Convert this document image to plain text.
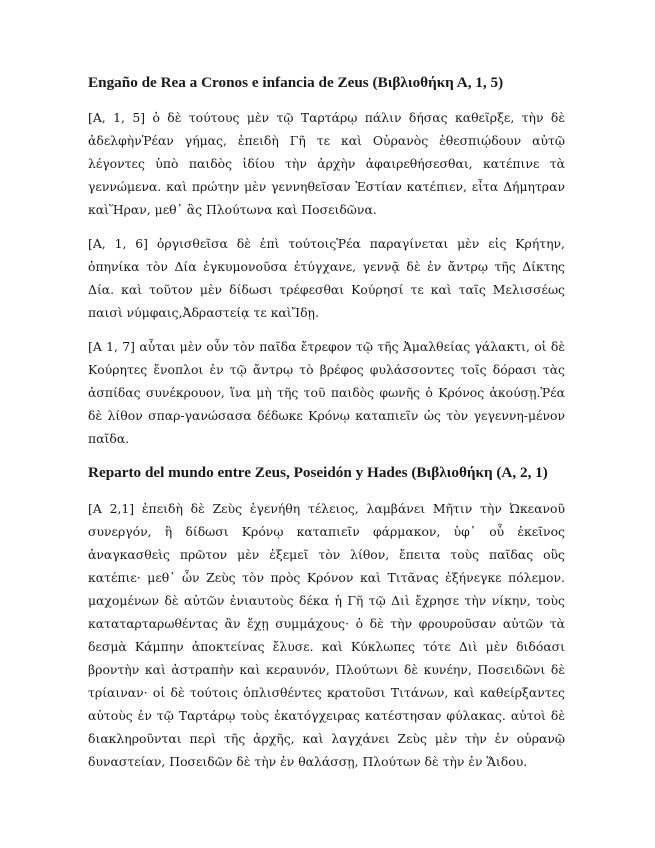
Engaño de Rea a Cronos e infancia de Zeus (Βιβλιοθήκη Α, 1, 5)

[A, 1, 5] ὁ δὲ τούτους μὲν τῷ Ταρτάρῳ πάλιν δήσας καθεῖρξε, τὴν δὲ ἀδελφὴνῬέαν γήμας, ἐπειδὴ Γῆ τε καὶ Οὐρανὸς ἐθεσπιῴδουν αὐτῷ λέγοντες ὑπὸ παιδὸς ἰδίου τὴν ἀρχὴν ἀφαιρεθήσεσθαι, κατέπινε τὰ γεννώμενα. καὶ πρώτην μὲν γεννηθεῖσαν Ἑστίαν κατέπιεν, εἶτα Δήμητραν καὶἭραν, μεθ᾽ ἃς Πλούτωνα καὶ Ποσειδῶνα.

[A, 1, 6] ὀργισθεῖσα δὲ ἐπὶ τούτοιςῬέα παραγίνεται μὲν εἰς Κρήτην, ὁπηνίκα τὸν Δία ἐγκυμονοῦσα ἐτύγχανε, γεννᾷ δὲ ἐν ἄντρῳ τῆς Δίκτης Δία. καὶ τοῦτον μὲν δίδωσι τρέφεσθαι Κούρησί τε καὶ ταῖς Μελισσέως παισὶ νύμφαις,Ἀδραστείᾳ τε καὶἼδῃ.

[A 1, 7] αὗται μὲν οὖν τὸν παῖδα ἔτρεφον τῷ τῆς Ἀμαλθείας γάλακτι, οἱ δὲ Κούρητες ἔνοπλοι ἐν τῷ ἄντρῳ τὸ βρέφος φυλάσσοντες τοῖς δόρασι τὰς ἀσπίδας συνέκρουον, ἵνα μὴ τῆς τοῦ παιδὸς φωνῆς ὁ Κρόνος ἀκούσῃ.Ῥέα δὲ λίθον σπαρ-γανώσασα δέδωκε Κρόνῳ καταπιεῖν ὡς τὸν γεγεννη-μένον παῖδα.

Reparto del mundo entre Zeus, Poseidón y Hades (Βιβλιοθήκη (A, 2, 1)

[A 2,1] ἐπειδὴ δὲ Ζεὺς ἐγενήθη τέλειος, λαμβάνει Μῆτιν τὴν Ὠκεανοῦ συνεργόν, ἣ δίδωσι Κρόνῳ καταπιεῖν φάρμακον, ὑφ᾽ οὗ ἐκεῖνος ἀναγκασθεὶς πρῶτον μὲν ἐξεμεῖ τὸν λίθον, ἔπειτα τοὺς παῖδας οὓς κατέπιε· μεθ᾽ ὧν Ζεὺς τὸν πρὸς Κρόνον καὶ Τιτᾶνας ἐξήνεγκε πόλεμον. μαχομένων δὲ αὐτῶν ἐνιαυτοὺς δέκα ἡ Γῆ τῷ Διὶ ἔχρησε τὴν νίκην, τοὺς καταταρταρωθέντας ἂν ἔχῃ συμμάχους· ὁ δὲ τὴν φρουροῦσαν αὐτῶν τὰ δεσμὰ Κάμπην ἀποκτείνας ἔλυσε. καὶ Κύκλωπες τότε Διὶ μὲν διδόασι βροντὴν καὶ ἀστραπὴν καὶ κεραυνόν, Πλούτωνι δὲ κυνέην, Ποσειδῶνι δὲ τρίαιναν· οἱ δὲ τούτοις ὁπλισθέντες κρατοῦσι Τιτάνων, καὶ καθείρξαντες αὐτοὺς ἐν τῷ Ταρτάρῳ τοὺς ἑκατόγχειρας κατέστησαν φύλακας. αὐτοὶ δὲ διακληροῦνται περὶ τῆς ἀρχῆς, καὶ λαγχάνει Ζεὺς μὲν τὴν ἐν οὐρανῷ δυναστείαν, Ποσειδῶν δὲ τὴν ἐν θαλάσσῃ, Πλούτων δὲ τὴν ἐν Ἅιδου.
